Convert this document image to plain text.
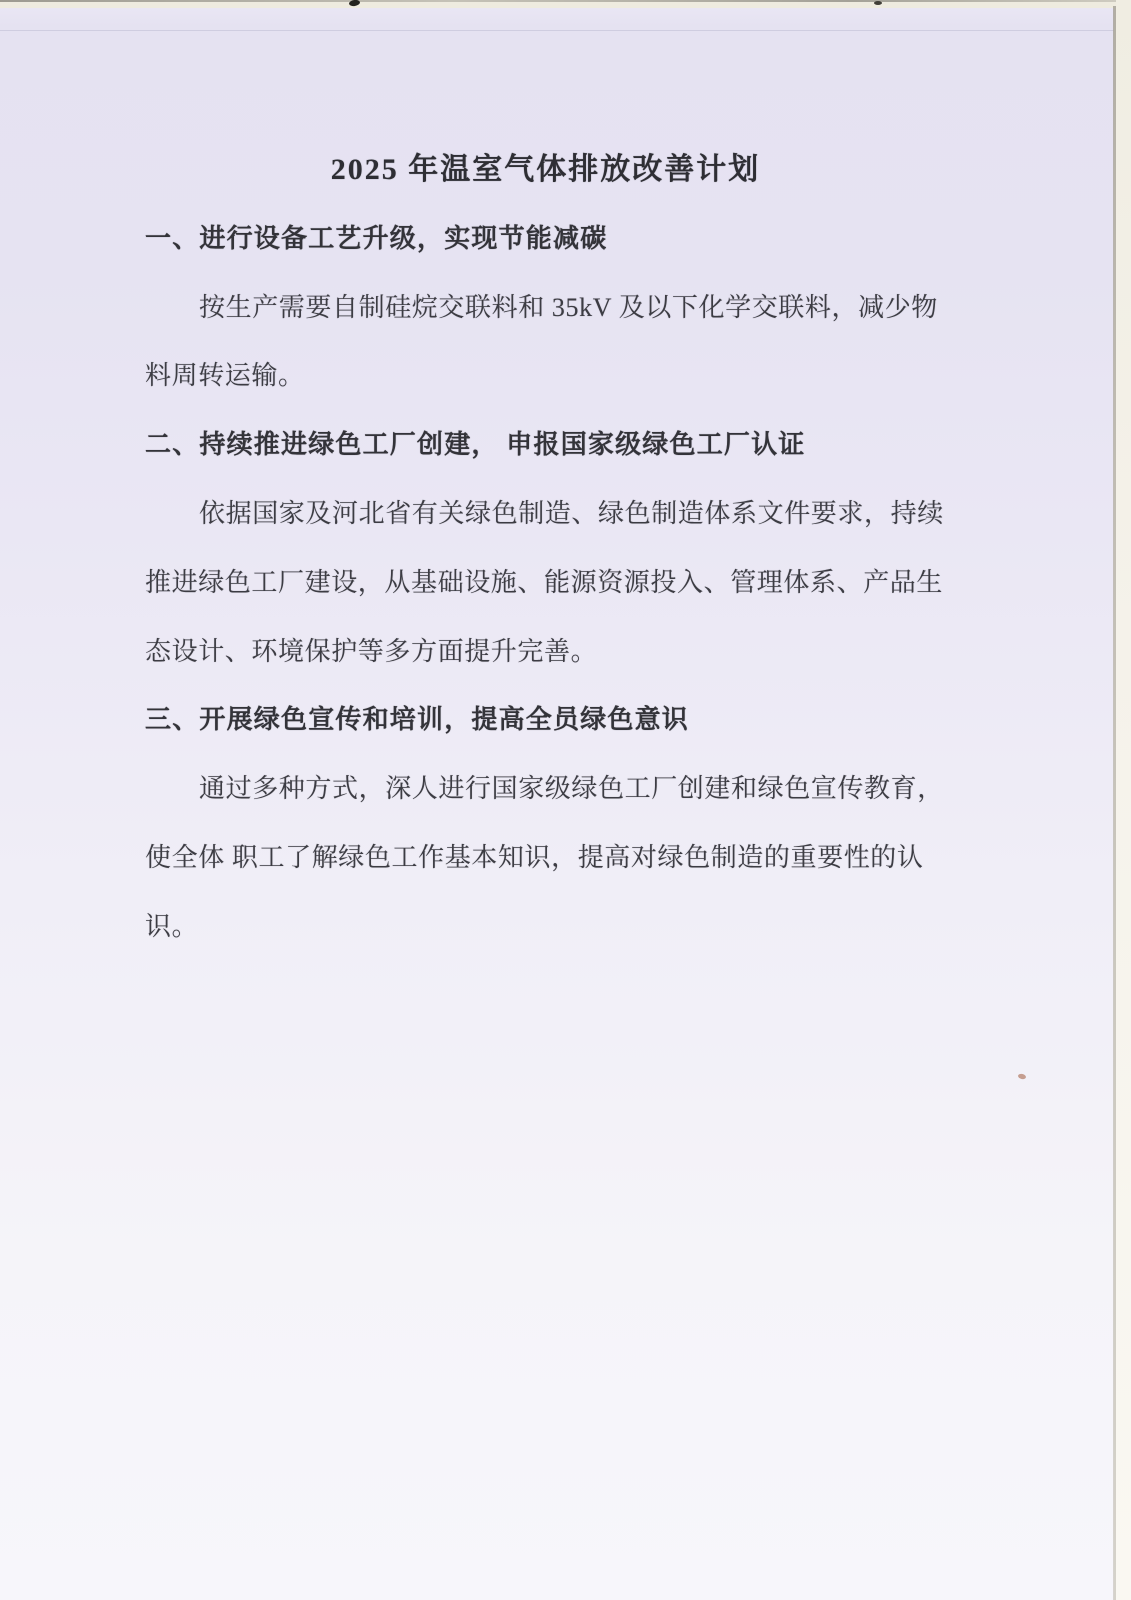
2025 年温室气体排放改善计划
一、进行设备工艺升级，实现节能减碳
按生产需要自制硅烷交联料和 35kV 及以下化学交联料，减少物
料周转运输。
二、持续推进绿色工厂创建， 申报国家级绿色工厂认证
依据国家及河北省有关绿色制造、绿色制造体系文件要求，持续
推进绿色工厂建设，从基础设施、能源资源投入、管理体系、产品生
态设计、环境保护等多方面提升完善。
三、开展绿色宣传和培训，提高全员绿色意识
通过多种方式，深人进行国家级绿色工厂创建和绿色宣传教育，
使全体 职工了解绿色工作基本知识，提高对绿色制造的重要性的认
识。
